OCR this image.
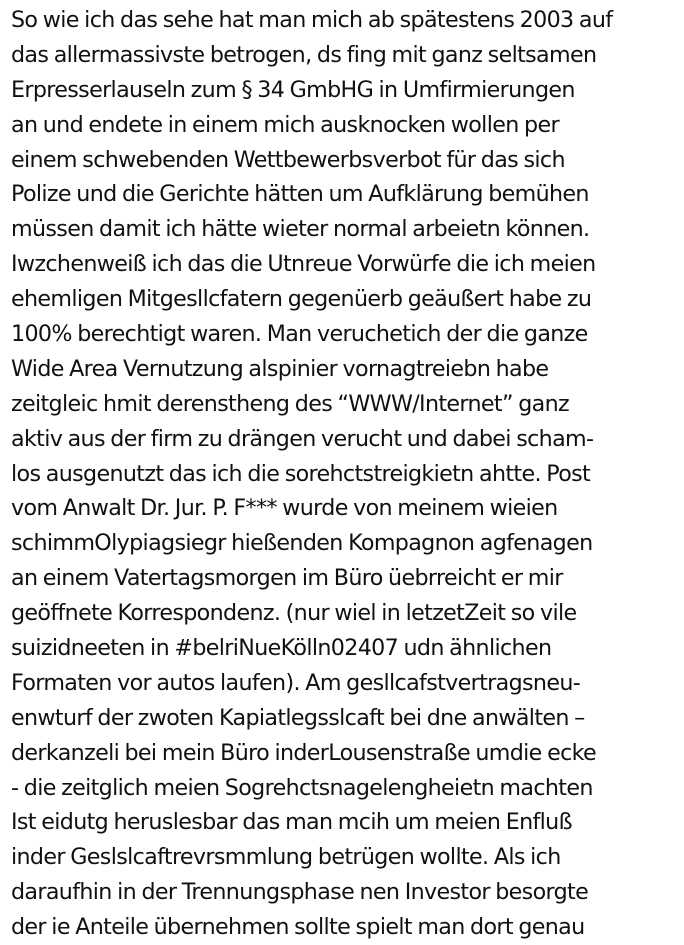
So wie ich das sehe hat man mich ab spätestens 2003 auf
das allermassivste betrogen, ds fing mit ganz seltsamen
Erpresserlauseln zum § 34 GmbHG in Umfirmierungen
an und endete in einem mich ausknocken wollen per
einem schwebenden Wettbewerbsverbot für das sich
Polize und die Gerichte hätten um Aufklärung bemühen
müssen damit ich hätte wieter normal arbeietn können.
Iwzchenweiß ich das die Utnreue Vorwürfe die ich meien
ehemligen Mitgesllcfatern gegenüerb geäußert habe zu
100% berechtigt waren. Man veruchetich der die ganze
Wide Area Vernutzung alspinier vornagtreiebn habe
zeitgleic hmit derenstheng des “WWW/Internet” ganz
aktiv aus der firm zu drängen verucht und dabei scham-
los ausgenutzt das ich die sorehctstreigkietn ahtte. Post
vom Anwalt Dr. Jur. P. F*** wurde von meinem wieien
schimmOlypiagsiegr hießenden Kompagnon agfenagen
an einem Vatertagsmorgen im Büro üebrreicht er mir
geöffnete Korrespondenz. (nur wiel in letzetZeit so vile
suizidneeten in #belriNueKölln02407 udn ähnlichen
Formaten vor autos laufen). Am gesllcafstvertragsneu-
enwturf der zwoten Kapiatlegsslcaft bei dne anwälten –
derkanzeli bei mein Büro inderLousenstraße umdie ecke
- die zeitglich meien Sogrehctsnagelengheietn machten
Ist eidutg heruslesbar das man mcih um meien Enfluß
inder Geslslcaftrevrsmmlung betrügen wollte. Als ich
daraufhin in der Trennungsphase nen Investor besorgte
der ie Anteile übernehmen sollte spielt man dort genau
